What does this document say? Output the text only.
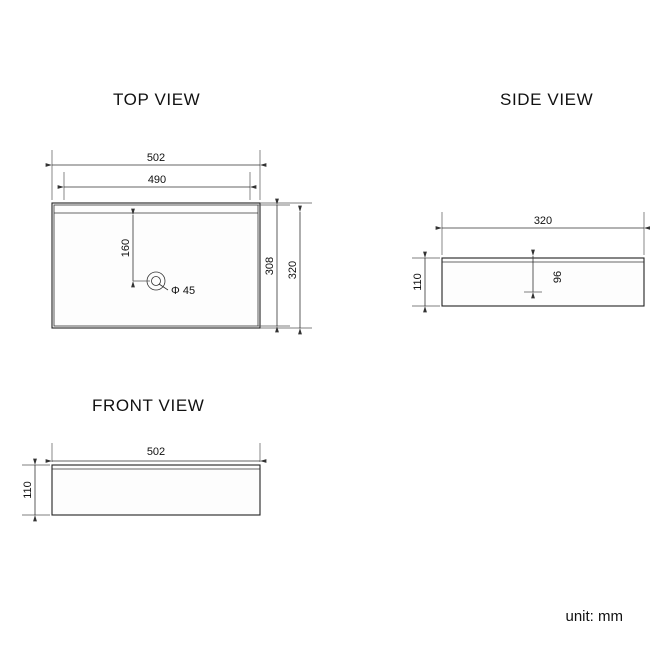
TOP VIEW	SIDE VIEW
FRONT VIEW
unit: mm
502
490
160
Φ 45
308 320
320
110	96
502
110
